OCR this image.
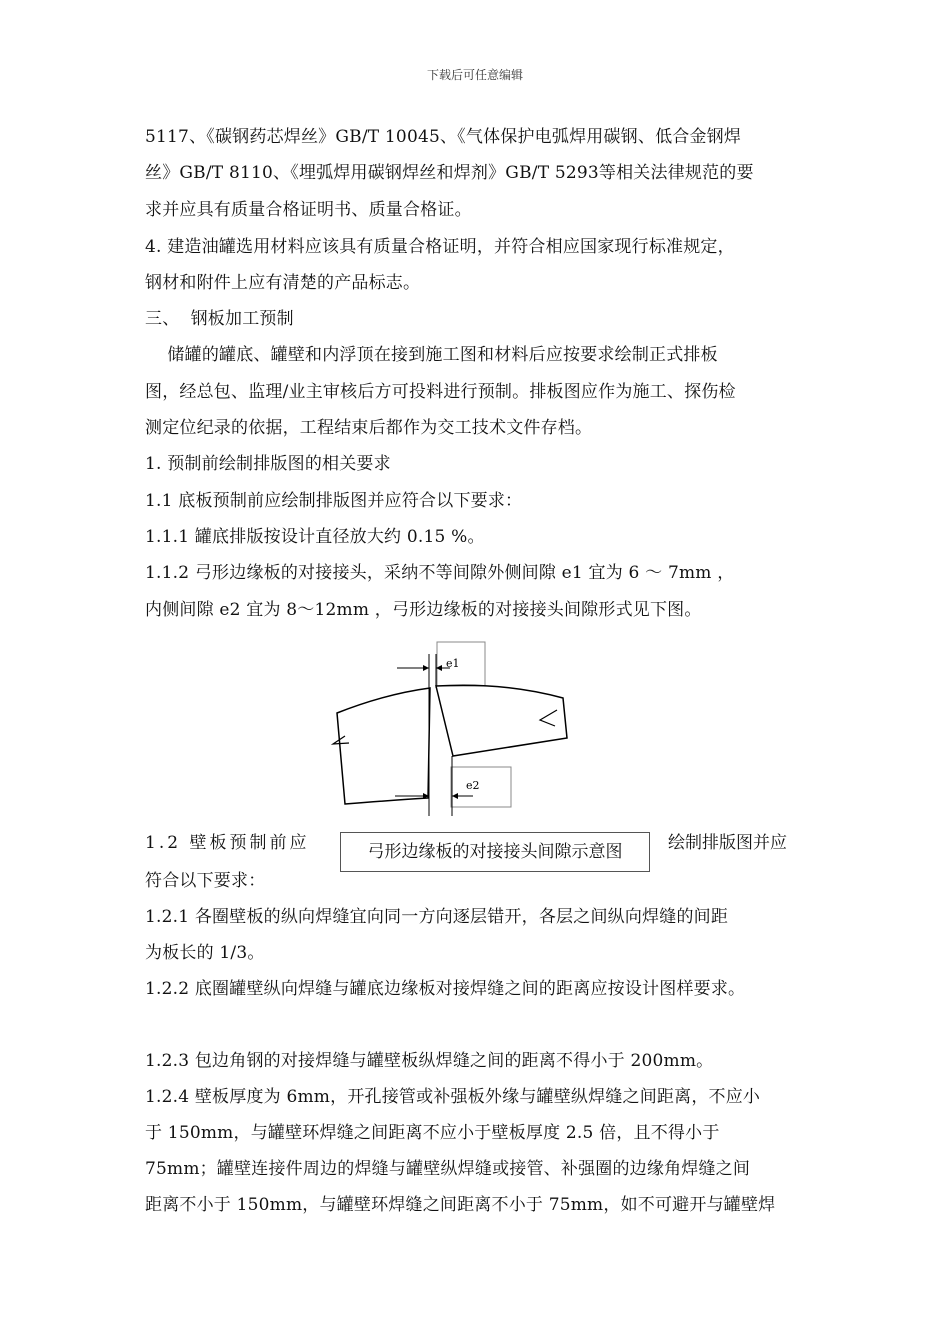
下载后可任意编辑
5117、《碳钢药芯焊丝》GB/T 10045、《气体保护电弧焊用碳钢、低合金钢焊
丝》GB/T 8110、《埋弧焊用碳钢焊丝和焊剂》GB/T 5293等相关法律规范的要
求并应具有质量合格证明书、质量合格证。
4. 建造油罐选用材料应该具有质量合格证明，并符合相应国家现行标准规定，
钢材和附件上应有清楚的产品标志。
三、  钢板加工预制
储罐的罐底、罐壁和内浮顶在接到施工图和材料后应按要求绘制正式排板
图，经总包、监理/业主审核后方可投料进行预制。排板图应作为施工、探伤检
测定位纪录的依据，工程结束后都作为交工技术文件存档。
1. 预制前绘制排版图的相关要求
1.1 底板预制前应绘制排版图并应符合以下要求：
1.1.1 罐底排版按设计直径放大约 0.15 %。
1.1.2 弓形边缘板的对接接头，采纳不等间隙外侧间隙 e1 宜为 6 ～ 7mm ，
内侧间隙 e2 宜为 8～12mm ，弓形边缘板的对接接头间隙形式见下图。
e1
e2
1.2 壁板预制前应	弓形边缘板的对接接头间隙示意图	绘制排版图并应
符合以下要求：
1.2.1 各圈壁板的纵向焊缝宜向同一方向逐层错开，各层之间纵向焊缝的间距
为板长的 1/3。
1.2.2 底圈罐壁纵向焊缝与罐底边缘板对接焊缝之间的距离应按设计图样要求。
1.2.3 包边角钢的对接焊缝与罐壁板纵焊缝之间的距离不得小于 200mm。
1.2.4 壁板厚度为 6mm，开孔接管或补强板外缘与罐壁纵焊缝之间距离，不应小
于 150mm，与罐壁环焊缝之间距离不应小于壁板厚度 2.5 倍，且不得小于
75mm；罐壁连接件周边的焊缝与罐壁纵焊缝或接管、补强圈的边缘角焊缝之间
距离不小于 150mm，与罐壁环焊缝之间距离不小于 75mm，如不可避开与罐壁焊
